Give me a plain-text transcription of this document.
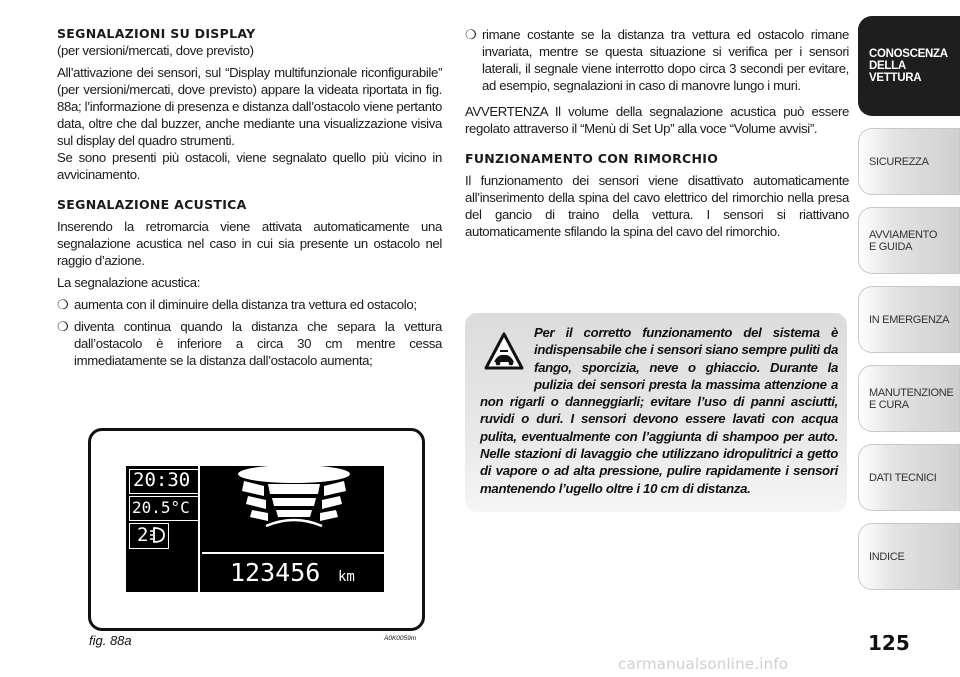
SEGNALAZIONI SU DISPLAY

(per versioni/mercati, dove previsto)

All’attivazione dei sensori, sul “Display multifunzionale riconfigurabile” (per versioni/mercati, dove previsto) appare la videata riportata in fig. 88a; l’informazione di presenza e distanza dall’ostacolo viene pertanto data, oltre che dal buzzer, anche mediante una visualizzazione visiva sul display del quadro strumenti.

Se sono presenti più ostacoli, viene segnalato quello più vicino in avvicinamento.

SEGNALAZIONE ACUSTICA

Inserendo la retromarcia viene attivata automaticamente una segnalazione acustica nel caso in cui sia presente un ostacolo nel raggio d’azione.

La segnalazione acustica:

❍ aumenta con il diminuire della distanza tra vettura ed ostacolo;
❍ diventa continua quando la distanza che separa la vettura dall’ostacolo è inferiore a circa 30 cm mentre cessa immediatamente se la distanza dall’ostacolo aumenta;
❍ rimane costante se la distanza tra vettura ed ostacolo rimane invariata, mentre se questa situazione si verifica per i sensori laterali, il segnale viene interrotto dopo circa 3 secondi per evitare, ad esempio, segnalazioni in caso di manovre lungo i muri.

AVVERTENZA Il volume della segnalazione acustica può essere regolato attraverso il “Menù di Set Up” alla voce “Volume avvisi”.

FUNZIONAMENTO CON RIMORCHIO

Il funzionamento dei sensori viene disattivato automaticamente all’inserimento della spina del cavo elettrico del rimorchio nella presa del gancio di traino della vettura. I sensori si riattivano automaticamente sfilando la spina del cavo del rimorchio.

Per il corretto funzionamento del sistema è indispensabile che i sensori siano sempre puliti da fango, sporcizia, neve o ghiaccio. Durante la pulizia dei sensori presta la massima attenzione a non rigarli o danneggiarli; evitare l’uso di panni asciutti, ruvidi o duri. I sensori devono essere lavati con acqua pulita, eventualmente con l’aggiunta di shampoo per auto. Nelle stazioni di lavaggio che utilizzano idropulitrici a getto di vapore o ad alta pressione, pulire rapidamente i sensori mantenendo l’ugello oltre i 10 cm di distanza.
20:30
20.5°C
2
123456 km
fig. 88a	A0K0059m
CONOSCENZA
DELLA
VETTURA
SICUREZZA
AVVIAMENTO
E GUIDA
IN EMERGENZA
MANUTENZIONE
E CURA
DATI TECNICI
INDICE
125
carmanualsonline.info
